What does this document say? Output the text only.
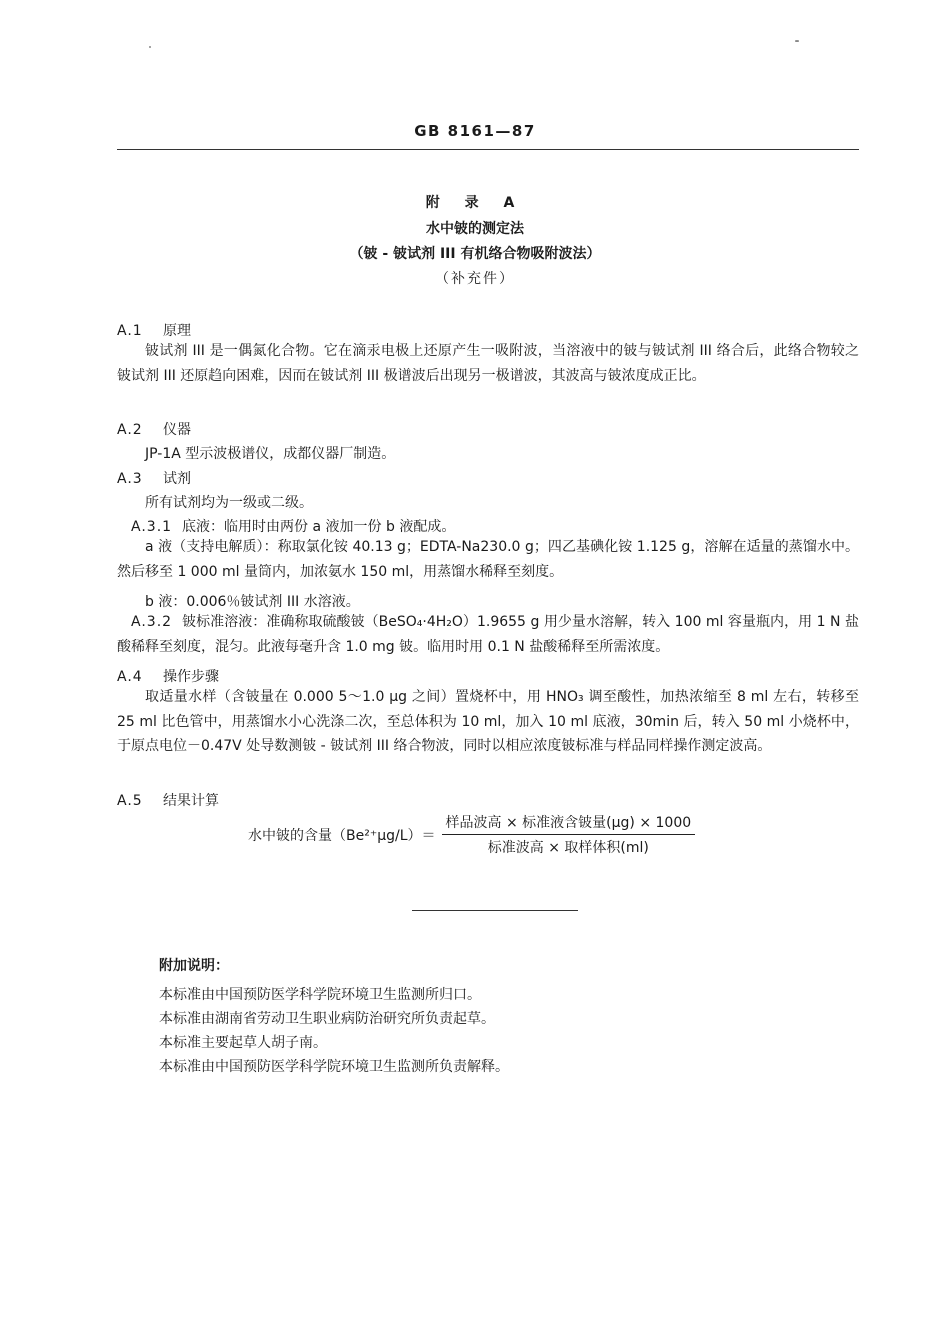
GB 8161—87
附 录 A
水中铍的测定法
（铍 - 铍试剂 III 有机络合物吸附波法）
（补充件）
A.1 原理
铍试剂 III 是一偶氮化合物。它在滴汞电极上还原产生一吸附波，当溶液中的铍与铍试剂 III 络合后，此络合物较之铍试剂 III 还原趋向困难，因而在铍试剂 III 极谱波后出现另一极谱波，其波高与铍浓度成正比。
A.2 仪器
JP-1A 型示波极谱仪，成都仪器厂制造。
A.3 试剂
所有试剂均为一级或二级。
A.3.1 底液：临用时由两份 a 液加一份 b 液配成。
a 液（支持电解质）：称取氯化铵 40.13 g；EDTA-Na230.0 g；四乙基碘化铵 1.125 g，溶解在适量的蒸馏水中。然后移至 1 000 ml 量筒内，加浓氨水 150 ml，用蒸馏水稀释至刻度。
b 液：0.006％铍试剂 III 水溶液。
A.3.2 铍标准溶液：准确称取硫酸铍（BeSO₄·4H₂O）1.9655 g 用少量水溶解，转入 100 ml 容量瓶内，用 1 N 盐酸稀释至刻度，混匀。此液每毫升含 1.0 mg 铍。临用时用 0.1 N 盐酸稀释至所需浓度。
A.4 操作步骤
取适量水样（含铍量在 0.000 5～1.0 μg 之间）置烧杯中，用 HNO₃ 调至酸性，加热浓缩至 8 ml 左右，转移至 25 ml 比色管中，用蒸馏水小心洗涤二次，至总体积为 10 ml，加入 10 ml 底液，30min 后，转入 50 ml 小烧杯中，于原点电位－0.47V 处导数测铍 - 铍试剂 III 络合物波，同时以相应浓度铍标准与样品同样操作测定波高。
A.5 结果计算
水中铍的含量$(Be^{2+}\mu g/L)= \frac{\text{样品波高 × 标准液含铍量(μg) × 1000}}{\text{标准波高 × 取样体积(ml)}}$
附加说明：
本标准由中国预防医学科学院环境卫生监测所归口。
本标准由湖南省劳动卫生职业病防治研究所负责起草。
本标准主要起草人胡子南。
本标准由中国预防医学科学院环境卫生监测所负责解释。
